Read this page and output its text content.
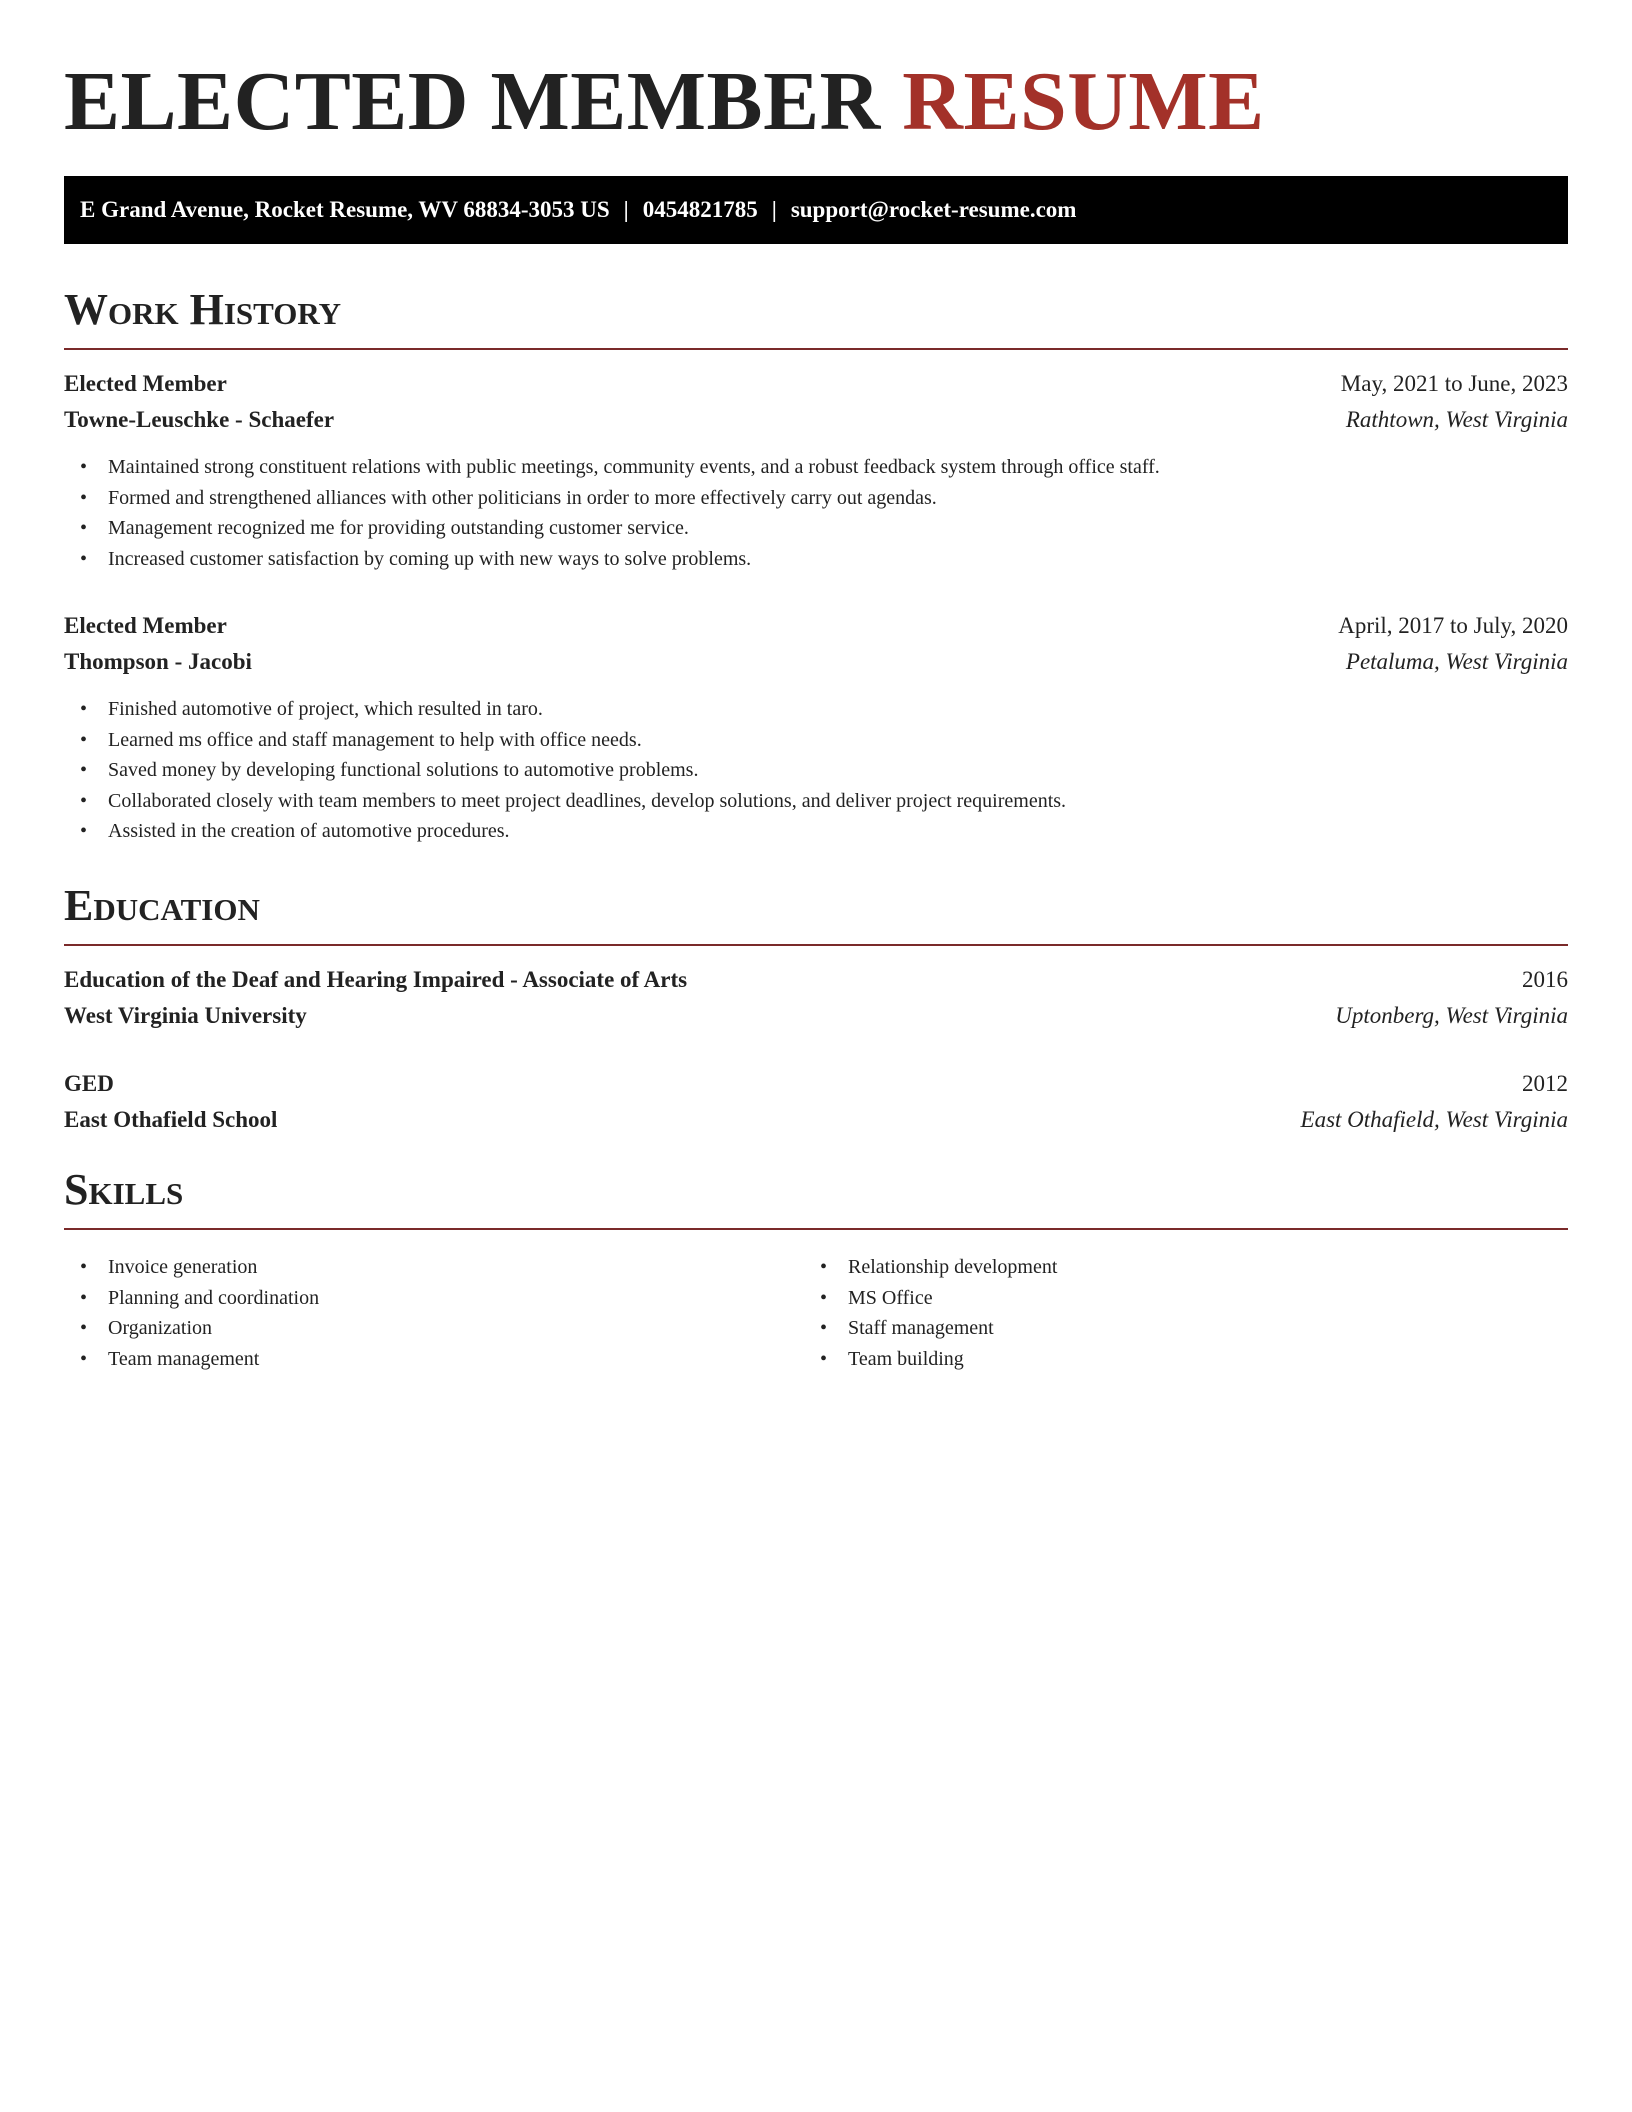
ELECTED MEMBER RESUME
E Grand Avenue, Rocket Resume, WV 68834-3053 US | 0454821785 | support@rocket-resume.com
Work History
Elected Member	May, 2021 to June, 2023
Towne-Leuschke - Schaefer	Rathtown, West Virginia
• Maintained strong constituent relations with public meetings, community events, and a robust feedback system through office staff.
• Formed and strengthened alliances with other politicians in order to more effectively carry out agendas.
• Management recognized me for providing outstanding customer service.
• Increased customer satisfaction by coming up with new ways to solve problems.
Elected Member	April, 2017 to July, 2020
Thompson - Jacobi	Petaluma, West Virginia
• Finished automotive of project, which resulted in taro.
• Learned ms office and staff management to help with office needs.
• Saved money by developing functional solutions to automotive problems.
• Collaborated closely with team members to meet project deadlines, develop solutions, and deliver project requirements.
• Assisted in the creation of automotive procedures.
Education
Education of the Deaf and Hearing Impaired - Associate of Arts	2016
West Virginia University	Uptonberg, West Virginia
GED	2012
East Othafield School	East Othafield, West Virginia
Skills
• Invoice generation
• Planning and coordination
• Organization
• Team management
• Relationship development
• MS Office
• Staff management
• Team building
